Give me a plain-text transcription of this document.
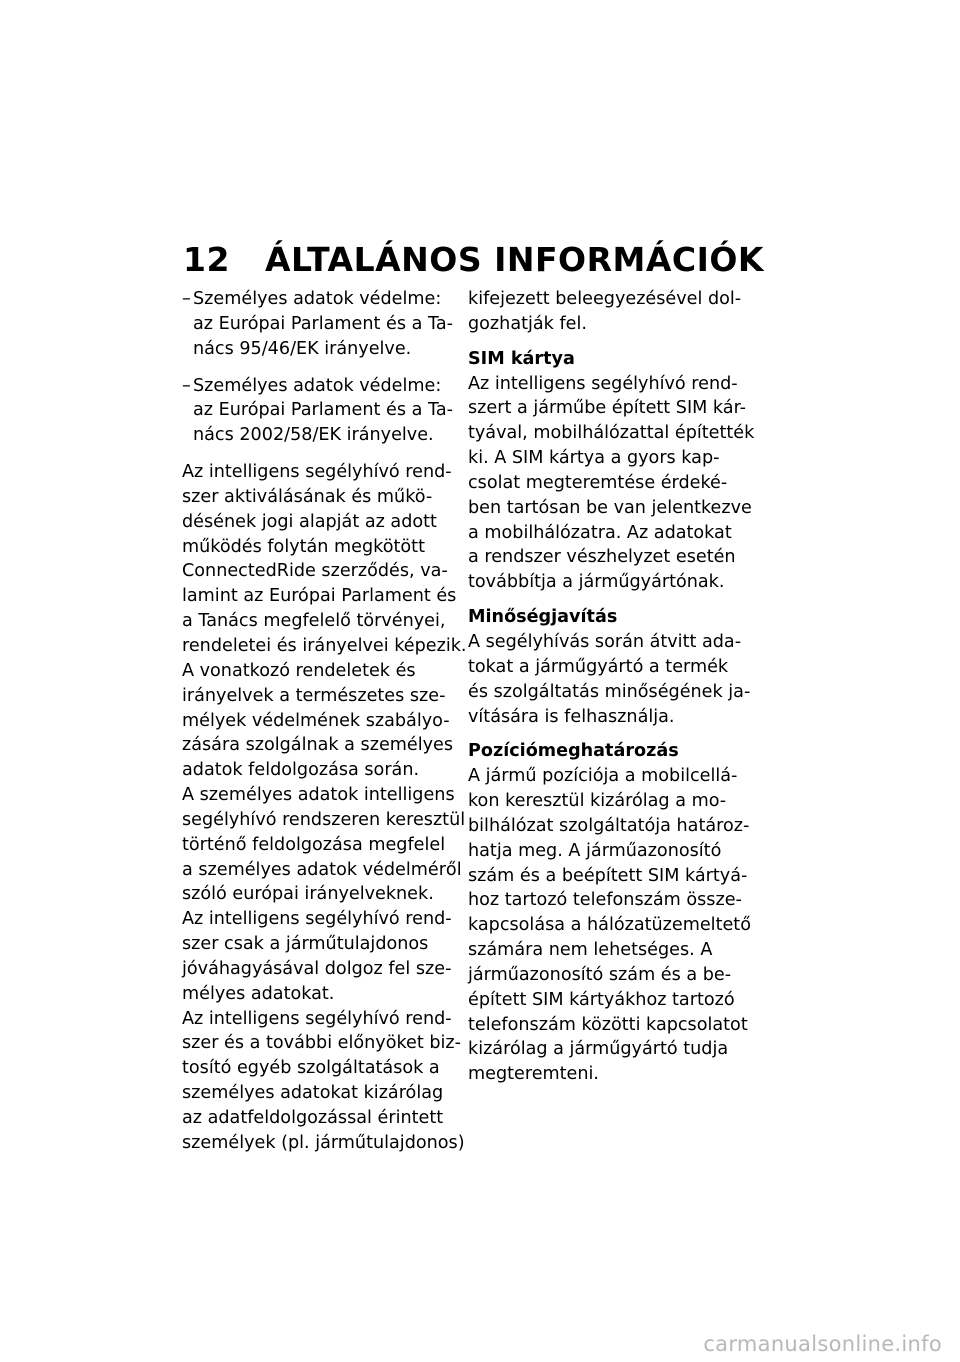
12 ÁLTALÁNOS INFORMÁCIÓK
– Személyes adatok védelme:
az Európai Parlament és a Ta-
nács 95/46/EK irányelve.
– Személyes adatok védelme:
az Európai Parlament és a Ta-
nács 2002/58/EK irányelve.
Az intelligens segélyhívó rend-
szer aktiválásának és műkö-
désének jogi alapját az adott
működés folytán megkötött
ConnectedRide szerződés, va-
lamint az Európai Parlament és
a Tanács megfelelő törvényei,
rendeletei és irányelvei képezik.
A vonatkozó rendeletek és
irányelvek a természetes sze-
mélyek védelmének szabályo-
zására szolgálnak a személyes
adatok feldolgozása során.
A személyes adatok intelligens
segélyhívó rendszeren keresztül
történő feldolgozása megfelel
a személyes adatok védelméről
szóló európai irányelveknek.
Az intelligens segélyhívó rend-
szer csak a járműtulajdonos
jóváhagyásával dolgoz fel sze-
mélyes adatokat.
Az intelligens segélyhívó rend-
szer és a további előnyöket biz-
tosító egyéb szolgáltatások a
személyes adatokat kizárólag
az adatfeldolgozással érintett
személyek (pl. járműtulajdonos)
kifejezett beleegyezésével dol-
gozhatják fel.
SIM kártya
Az intelligens segélyhívó rend-
szert a járműbe épített SIM kár-
tyával, mobilhálózattal építették
ki. A SIM kártya a gyors kap-
csolat megteremtése érdeké-
ben tartósan be van jelentkezve
a mobilhálózatra. Az adatokat
a rendszer vészhelyzet esetén
továbbítja a járműgyártónak.
Minőségjavítás
A segélyhívás során átvitt ada-
tokat a járműgyártó a termék
és szolgáltatás minőségének ja-
vítására is felhasználja.
Pozíciómeghatározás
A jármű pozíciója a mobilcellá-
kon keresztül kizárólag a mo-
bilhálózat szolgáltatója határoz-
hatja meg. A járműazonosító
szám és a beépített SIM kártyá-
hoz tartozó telefonszám össze-
kapcsolása a hálózatüzemeltető
számára nem lehetséges. A
járműazonosító szám és a be-
épített SIM kártyákhoz tartozó
telefonszám közötti kapcsolatot
kizárólag a járműgyártó tudja
megteremteni.
carmanualsonline.info
